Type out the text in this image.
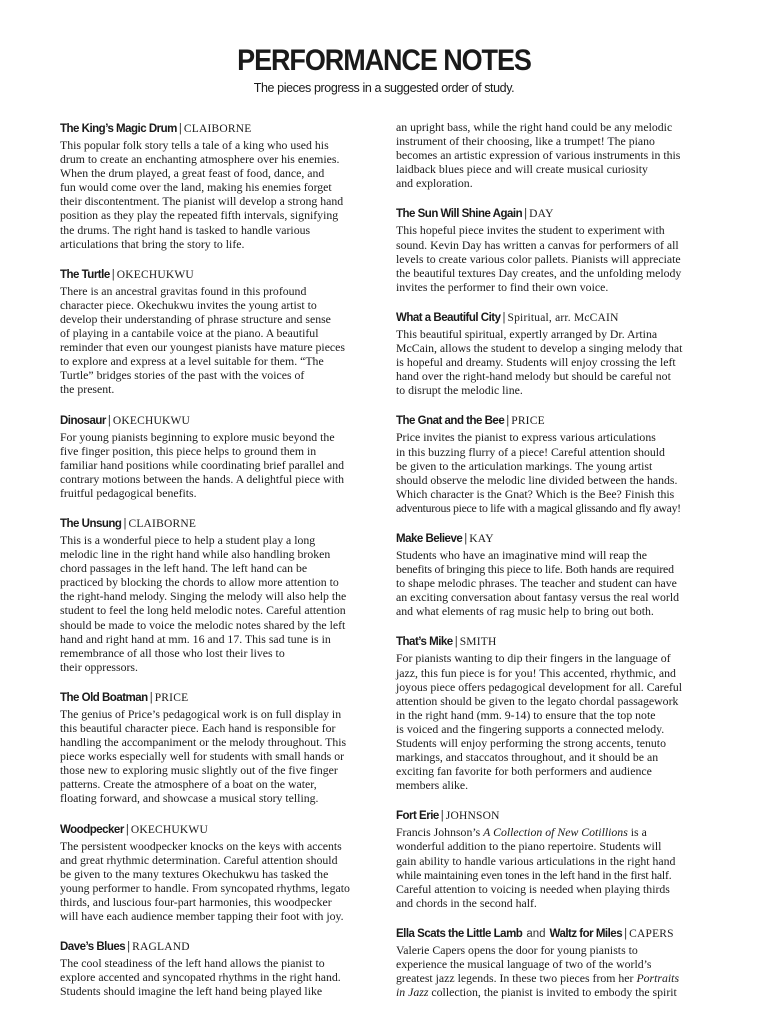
PERFORMANCE NOTES
The pieces progress in a suggested order of study.
The King’s Magic Drum | CLAIBORNE

This popular folk story tells a tale of a king who used his
drum to create an enchanting atmosphere over his enemies.
When the drum played, a great feast of food, dance, and
fun would come over the land, making his enemies forget
their discontentment. The pianist will develop a strong hand
position as they play the repeated fifth intervals, signifying
the drums. The right hand is tasked to handle various
articulations that bring the story to life.

The Turtle | OKECHUKWU

There is an ancestral gravitas found in this profound
character piece. Okechukwu invites the young artist to
develop their understanding of phrase structure and sense
of playing in a cantabile voice at the piano. A beautiful
reminder that even our youngest pianists have mature pieces
to explore and express at a level suitable for them. “The
Turtle” bridges stories of the past with the voices of
the present.

Dinosaur | OKECHUKWU

For young pianists beginning to explore music beyond the
five finger position, this piece helps to ground them in
familiar hand positions while coordinating brief parallel and
contrary motions between the hands. A delightful piece with
fruitful pedagogical benefits.

The Unsung | CLAIBORNE

This is a wonderful piece to help a student play a long
melodic line in the right hand while also handling broken
chord passages in the left hand. The left hand can be
practiced by blocking the chords to allow more attention to
the right-hand melody. Singing the melody will also help the
student to feel the long held melodic notes. Careful attention
should be made to voice the melodic notes shared by the left
hand and right hand at mm. 16 and 17. This sad tune is in
remembrance of all those who lost their lives to
their oppressors.

The Old Boatman | PRICE

The genius of Price’s pedagogical work is on full display in
this beautiful character piece. Each hand is responsible for
handling the accompaniment or the melody throughout. This
piece works especially well for students with small hands or
those new to exploring music slightly out of the five finger
patterns. Create the atmosphere of a boat on the water,
floating forward, and showcase a musical story telling.

Woodpecker | OKECHUKWU

The persistent woodpecker knocks on the keys with accents
and great rhythmic determination. Careful attention should
be given to the many textures Okechukwu has tasked the
young performer to handle. From syncopated rhythms, legato
thirds, and luscious four-part harmonies, this woodpecker
will have each audience member tapping their foot with joy.

Dave’s Blues | RAGLAND

The cool steadiness of the left hand allows the pianist to
explore accented and syncopated rhythms in the right hand.
Students should imagine the left hand being played like

an upright bass, while the right hand could be any melodic
instrument of their choosing, like a trumpet! The piano
becomes an artistic expression of various instruments in this
laidback blues piece and will create musical curiosity
and exploration.

The Sun Will Shine Again | DAY

This hopeful piece invites the student to experiment with
sound. Kevin Day has written a canvas for performers of all
levels to create various color pallets. Pianists will appreciate
the beautiful textures Day creates, and the unfolding melody
invites the performer to find their own voice.

What a Beautiful City | Spiritual, arr. McCAIN

This beautiful spiritual, expertly arranged by Dr. Artina
McCain, allows the student to develop a singing melody that
is hopeful and dreamy. Students will enjoy crossing the left
hand over the right-hand melody but should be careful not
to disrupt the melodic line.

The Gnat and the Bee | PRICE

Price invites the pianist to express various articulations
in this buzzing flurry of a piece! Careful attention should
be given to the articulation markings. The young artist
should observe the melodic line divided between the hands.
Which character is the Gnat? Which is the Bee? Finish this
adventurous piece to life with a magical glissando and fly away!

Make Believe | KAY

Students who have an imaginative mind will reap the
benefits of bringing this piece to life. Both hands are required
to shape melodic phrases. The teacher and student can have
an exciting conversation about fantasy versus the real world
and what elements of rag music help to bring out both.

That’s Mike | SMITH

For pianists wanting to dip their fingers in the language of
jazz, this fun piece is for you! This accented, rhythmic, and
joyous piece offers pedagogical development for all. Careful
attention should be given to the legato chordal passagework
in the right hand (mm. 9-14) to ensure that the top note
is voiced and the fingering supports a connected melody.
Students will enjoy performing the strong accents, tenuto
markings, and staccatos throughout, and it should be an
exciting fan favorite for both performers and audience
members alike.

Fort Erie | JOHNSON

Francis Johnson’s A Collection of New Cotillions is a
wonderful addition to the piano repertoire. Students will
gain ability to handle various articulations in the right hand
while maintaining even tones in the left hand in the first half.
Careful attention to voicing is needed when playing thirds
and chords in the second half.

Ella Scats the Little Lamb and Waltz for Miles | CAPERS

Valerie Capers opens the door for young pianists to
experience the musical language of two of the world’s
greatest jazz legends. In these two pieces from her Portraits
in Jazz collection, the pianist is invited to embody the spirit
